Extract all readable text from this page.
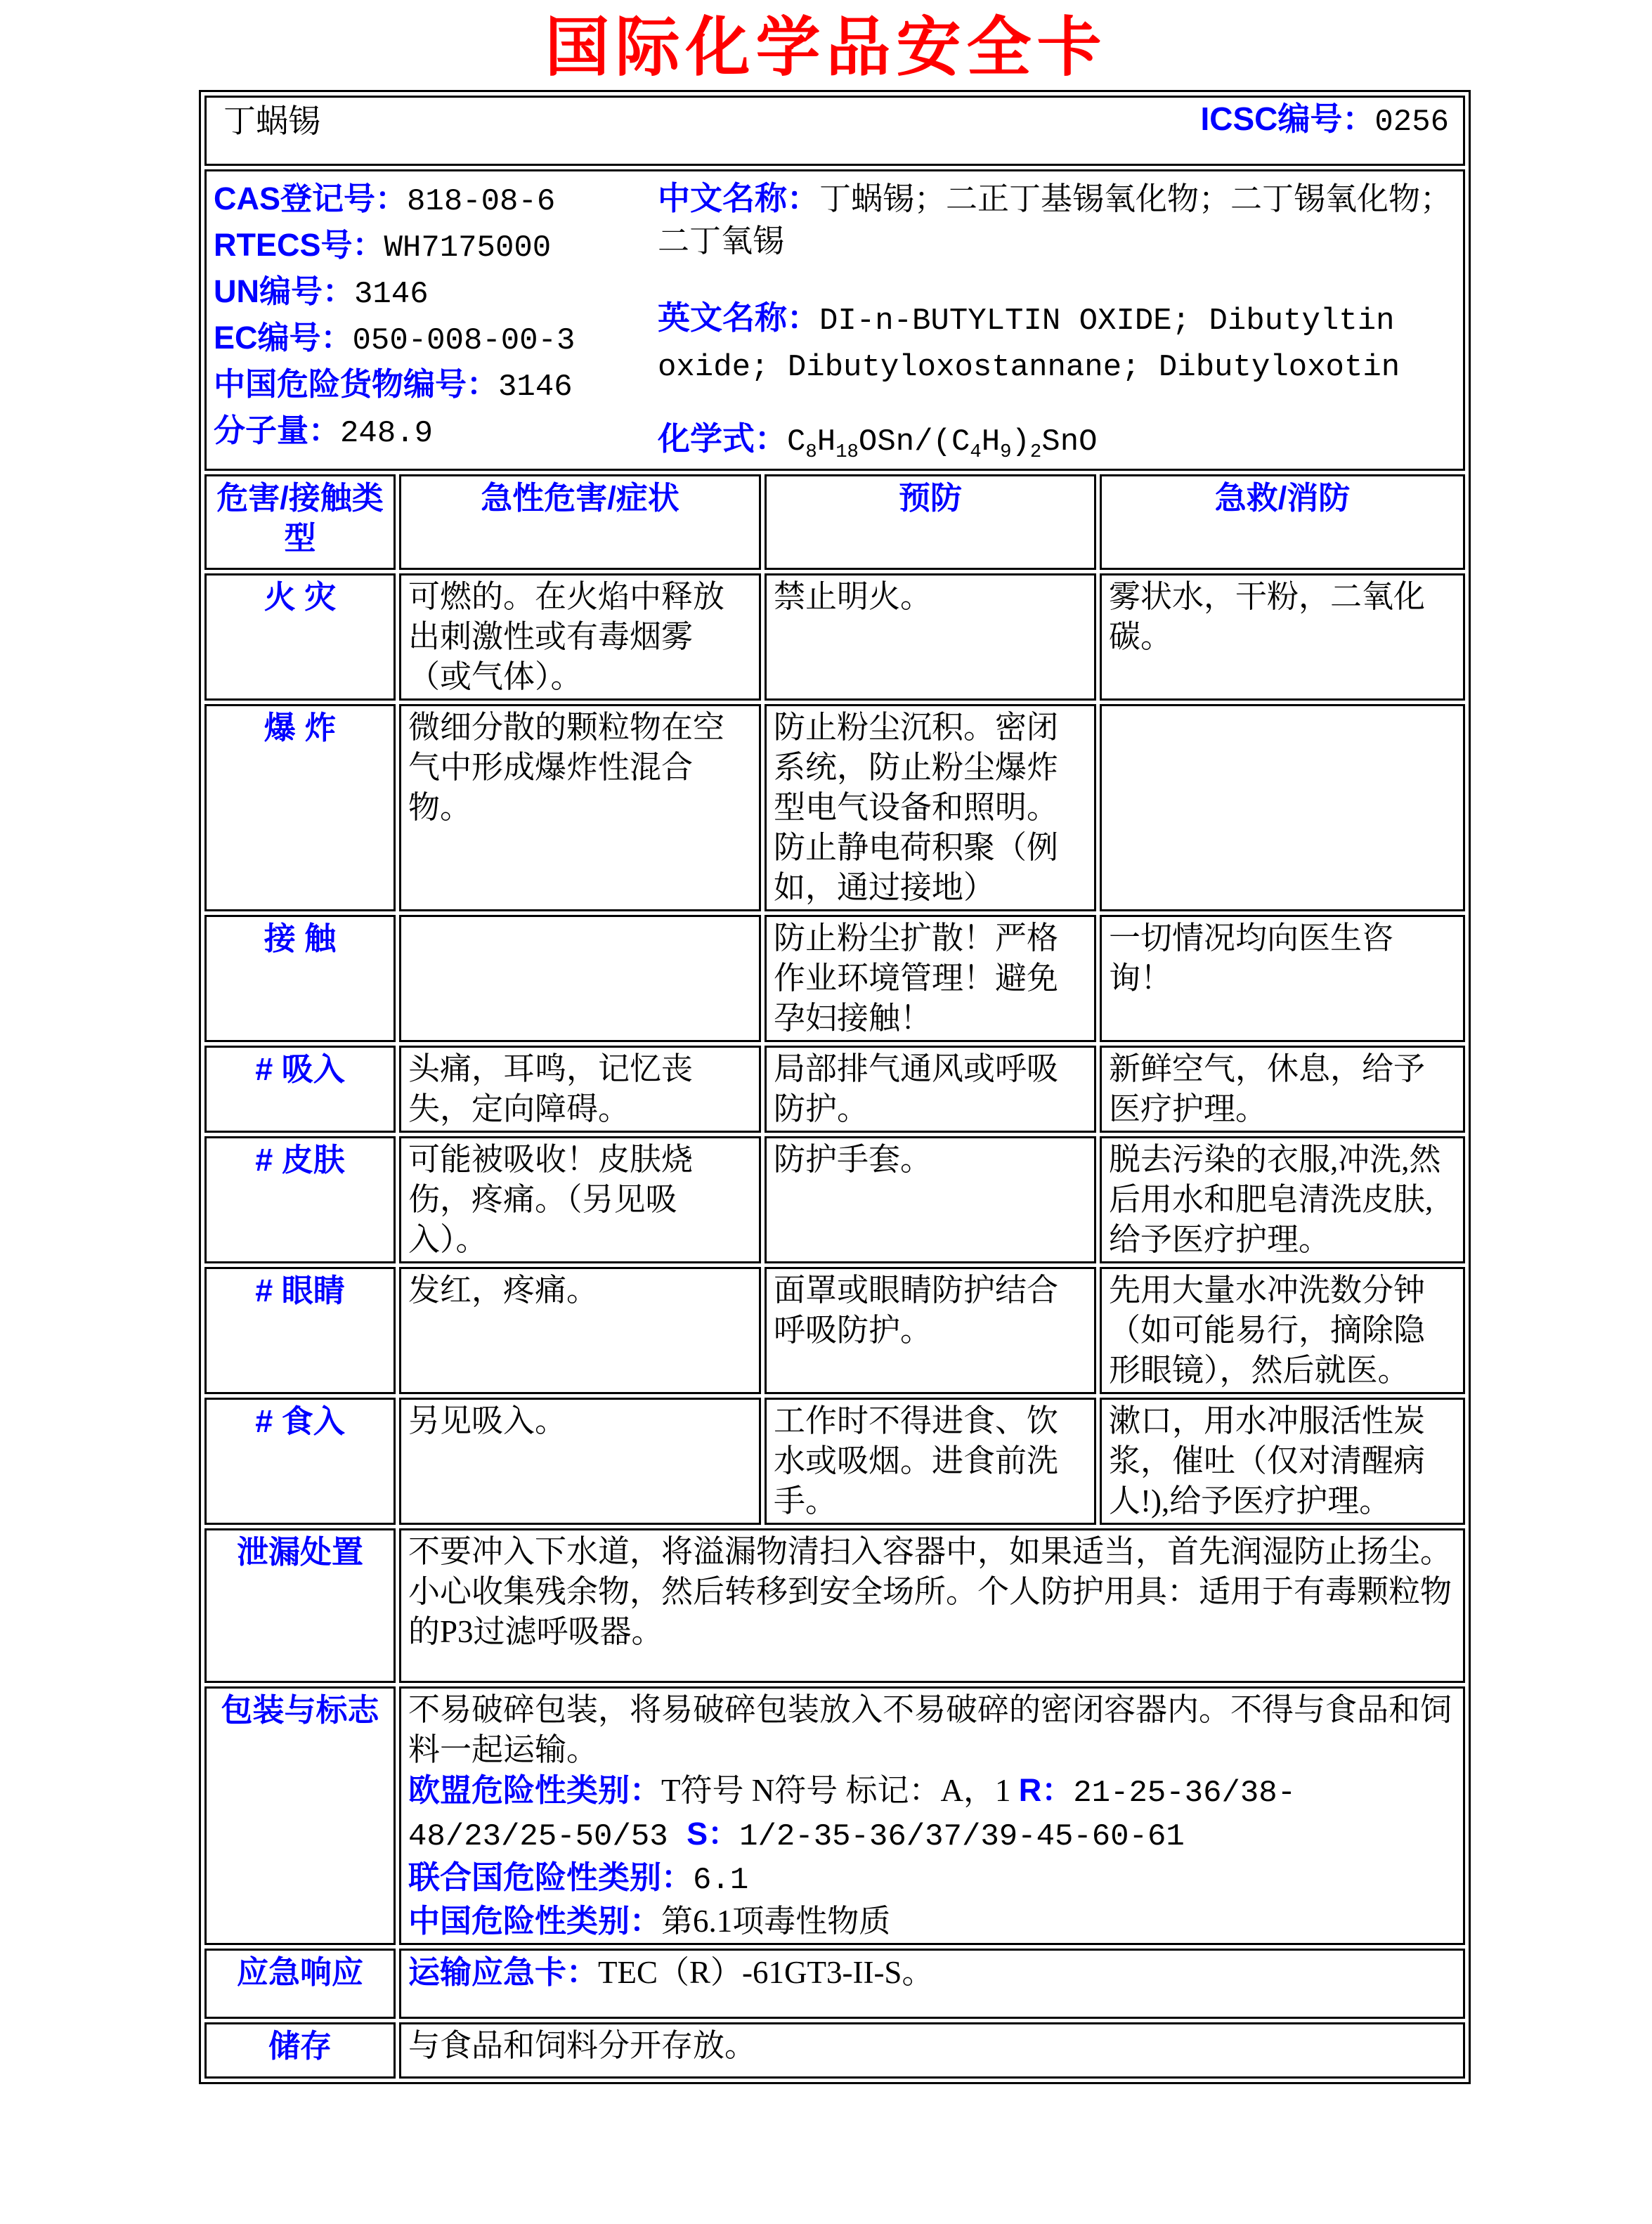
国际化学品安全卡
丁蜗锡 ICSC编号：0256			

CAS登记号：818-08-6
RTECS号：WH7175000
UN编号：3146
EC编号：050-008-00-3
中国危险货物编号：3146
分子量：248.9
中文名称：丁蜗锡；二正丁基锡氧化物；二丁锡氧化物；二丁氧锡
英文名称：DI-n-BUTYLTIN OXIDE; Dibutyltin oxide; Dibutyloxostannane; Dibutyloxotin
化学式：$C_8H_{18}OSn/(C_4H_9)_2SnO$

危害/接触类型	急性危害/症状	预防	急救/消防
火 灾	可燃的。在火焰中释放出刺激性或有毒烟雾（或气体）。	禁止明火。	雾状水，干粉，二氧化碳。
爆 炸	微细分散的颗粒物在空气中形成爆炸性混合物。	防止粉尘沉积。密闭系统，防止粉尘爆炸型电气设备和照明。防止静电荷积聚（例如，通过接地）	
接 触		防止粉尘扩散！严格作业环境管理！避免孕妇接触！	一切情况均向医生咨询！
# 吸入	头痛，耳鸣，记忆丧失，定向障碍。	局部排气通风或呼吸防护。	新鲜空气，休息，给予医疗护理。
# 皮肤	可能被吸收！皮肤烧伤，疼痛。（另见吸入）。	防护手套。	脱去污染的衣服,冲洗,然后用水和肥皂清洗皮肤,给予医疗护理。
# 眼睛	发红，疼痛。	面罩或眼睛防护结合呼吸防护。	先用大量水冲洗数分钟（如可能易行，摘除隐形眼镜），然后就医。
# 食入	另见吸入。	工作时不得进食、饮水或吸烟。进食前洗手。	漱口，用水冲服活性炭浆，催吐（仅对清醒病人!),给予医疗护理。
泄漏处置	不要冲入下水道，将溢漏物清扫入容器中，如果适当，首先润湿防止扬尘。小心收集残余物，然后转移到安全场所。个人防护用具：适用于有毒颗粒物的P3过滤呼吸器。		

包装与标志	不易破碎包装，将易破碎包装放入不易破碎的密闭容器内。不得与食品和饲料一起运输。
欧盟危险性类别：T符号 N符号 标记：A，1 R：21-25-36/38-48/23/25-50/53 S：1/2-35-36/37/39-45-60-61
联合国危险性类别：6.1
中国危险性类别：第6.1项毒性物质		

应急响应	运输应急卡：TEC（R）-61GT3-II-S。		

储存	与食品和饲料分开存放。		
